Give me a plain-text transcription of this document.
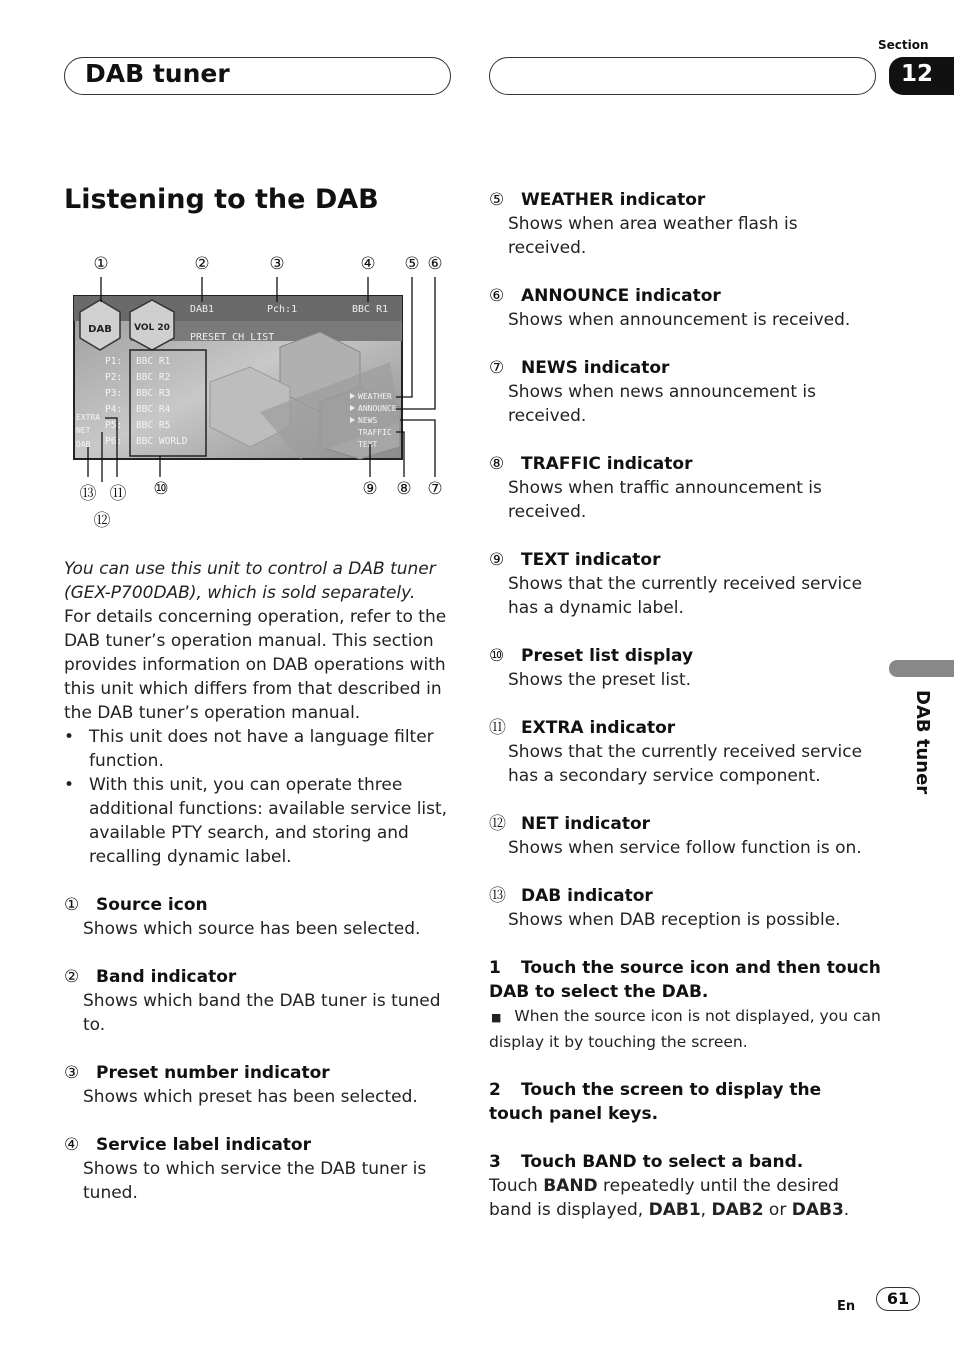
DAB tuner
Section
12
DAB tuner
Listening to the DAB
①	②	③	④ ⑤ ⑥
⑬ ⑪ ⑩	⑨ ⑧ ⑦
⑫
DAB VOL 20
DAB1	Pch:1	BBC R1
PRESET CH LIST
P1: BBC R1
P2: BBC R2
P3: BBC R3
P4: BBC R4
P5: BBC R5
P6: BBC WORLD
EXTRA
NET
DAB
WEATHER
ANNOUNCE
NEWS
TRAFFIC
TEXT

You can use this unit to control a DAB tuner

(GEX-P700DAB), which is sold separately.

For details concerning operation, refer to the DAB tuner’s operation manual. This section provides information on DAB operations with this unit which differs from that described in the DAB tuner’s operation manual.

• This unit does not have a language filter function.
• With this unit, you can operate three additional functions: available service list, available PTY search, and storing and recalling dynamic label.
① Source icon
Shows which source has been selected.
② Band indicator
Shows which band the DAB tuner is tuned to.
③ Preset number indicator
Shows which preset has been selected.
④ Service label indicator
Shows to which service the DAB tuner is tuned.
⑤ WEATHER indicator
Shows when area weather flash is received.
⑥ ANNOUNCE indicator
Shows when announcement is received.
⑦ NEWS indicator
Shows when news announcement is received.
⑧ TRAFFIC indicator
Shows when traffic announcement is received.
⑨ TEXT indicator
Shows that the currently received service has a dynamic label.
⑩ Preset list display
Shows the preset list.
⑪ EXTRA indicator
Shows that the currently received service has a secondary service component.
⑫ NET indicator
Shows when service follow function is on.
⑬ DAB indicator
Shows when DAB reception is possible.
1 Touch the source icon and then touch DAB to select the DAB.
■ When the source icon is not displayed, you can display it by touching the screen.
2 Touch the screen to display the touch panel keys.
3 Touch BAND to select a band.
Touch BAND repeatedly until the desired band is displayed, DAB1, DAB2 or DAB3.
En	61
